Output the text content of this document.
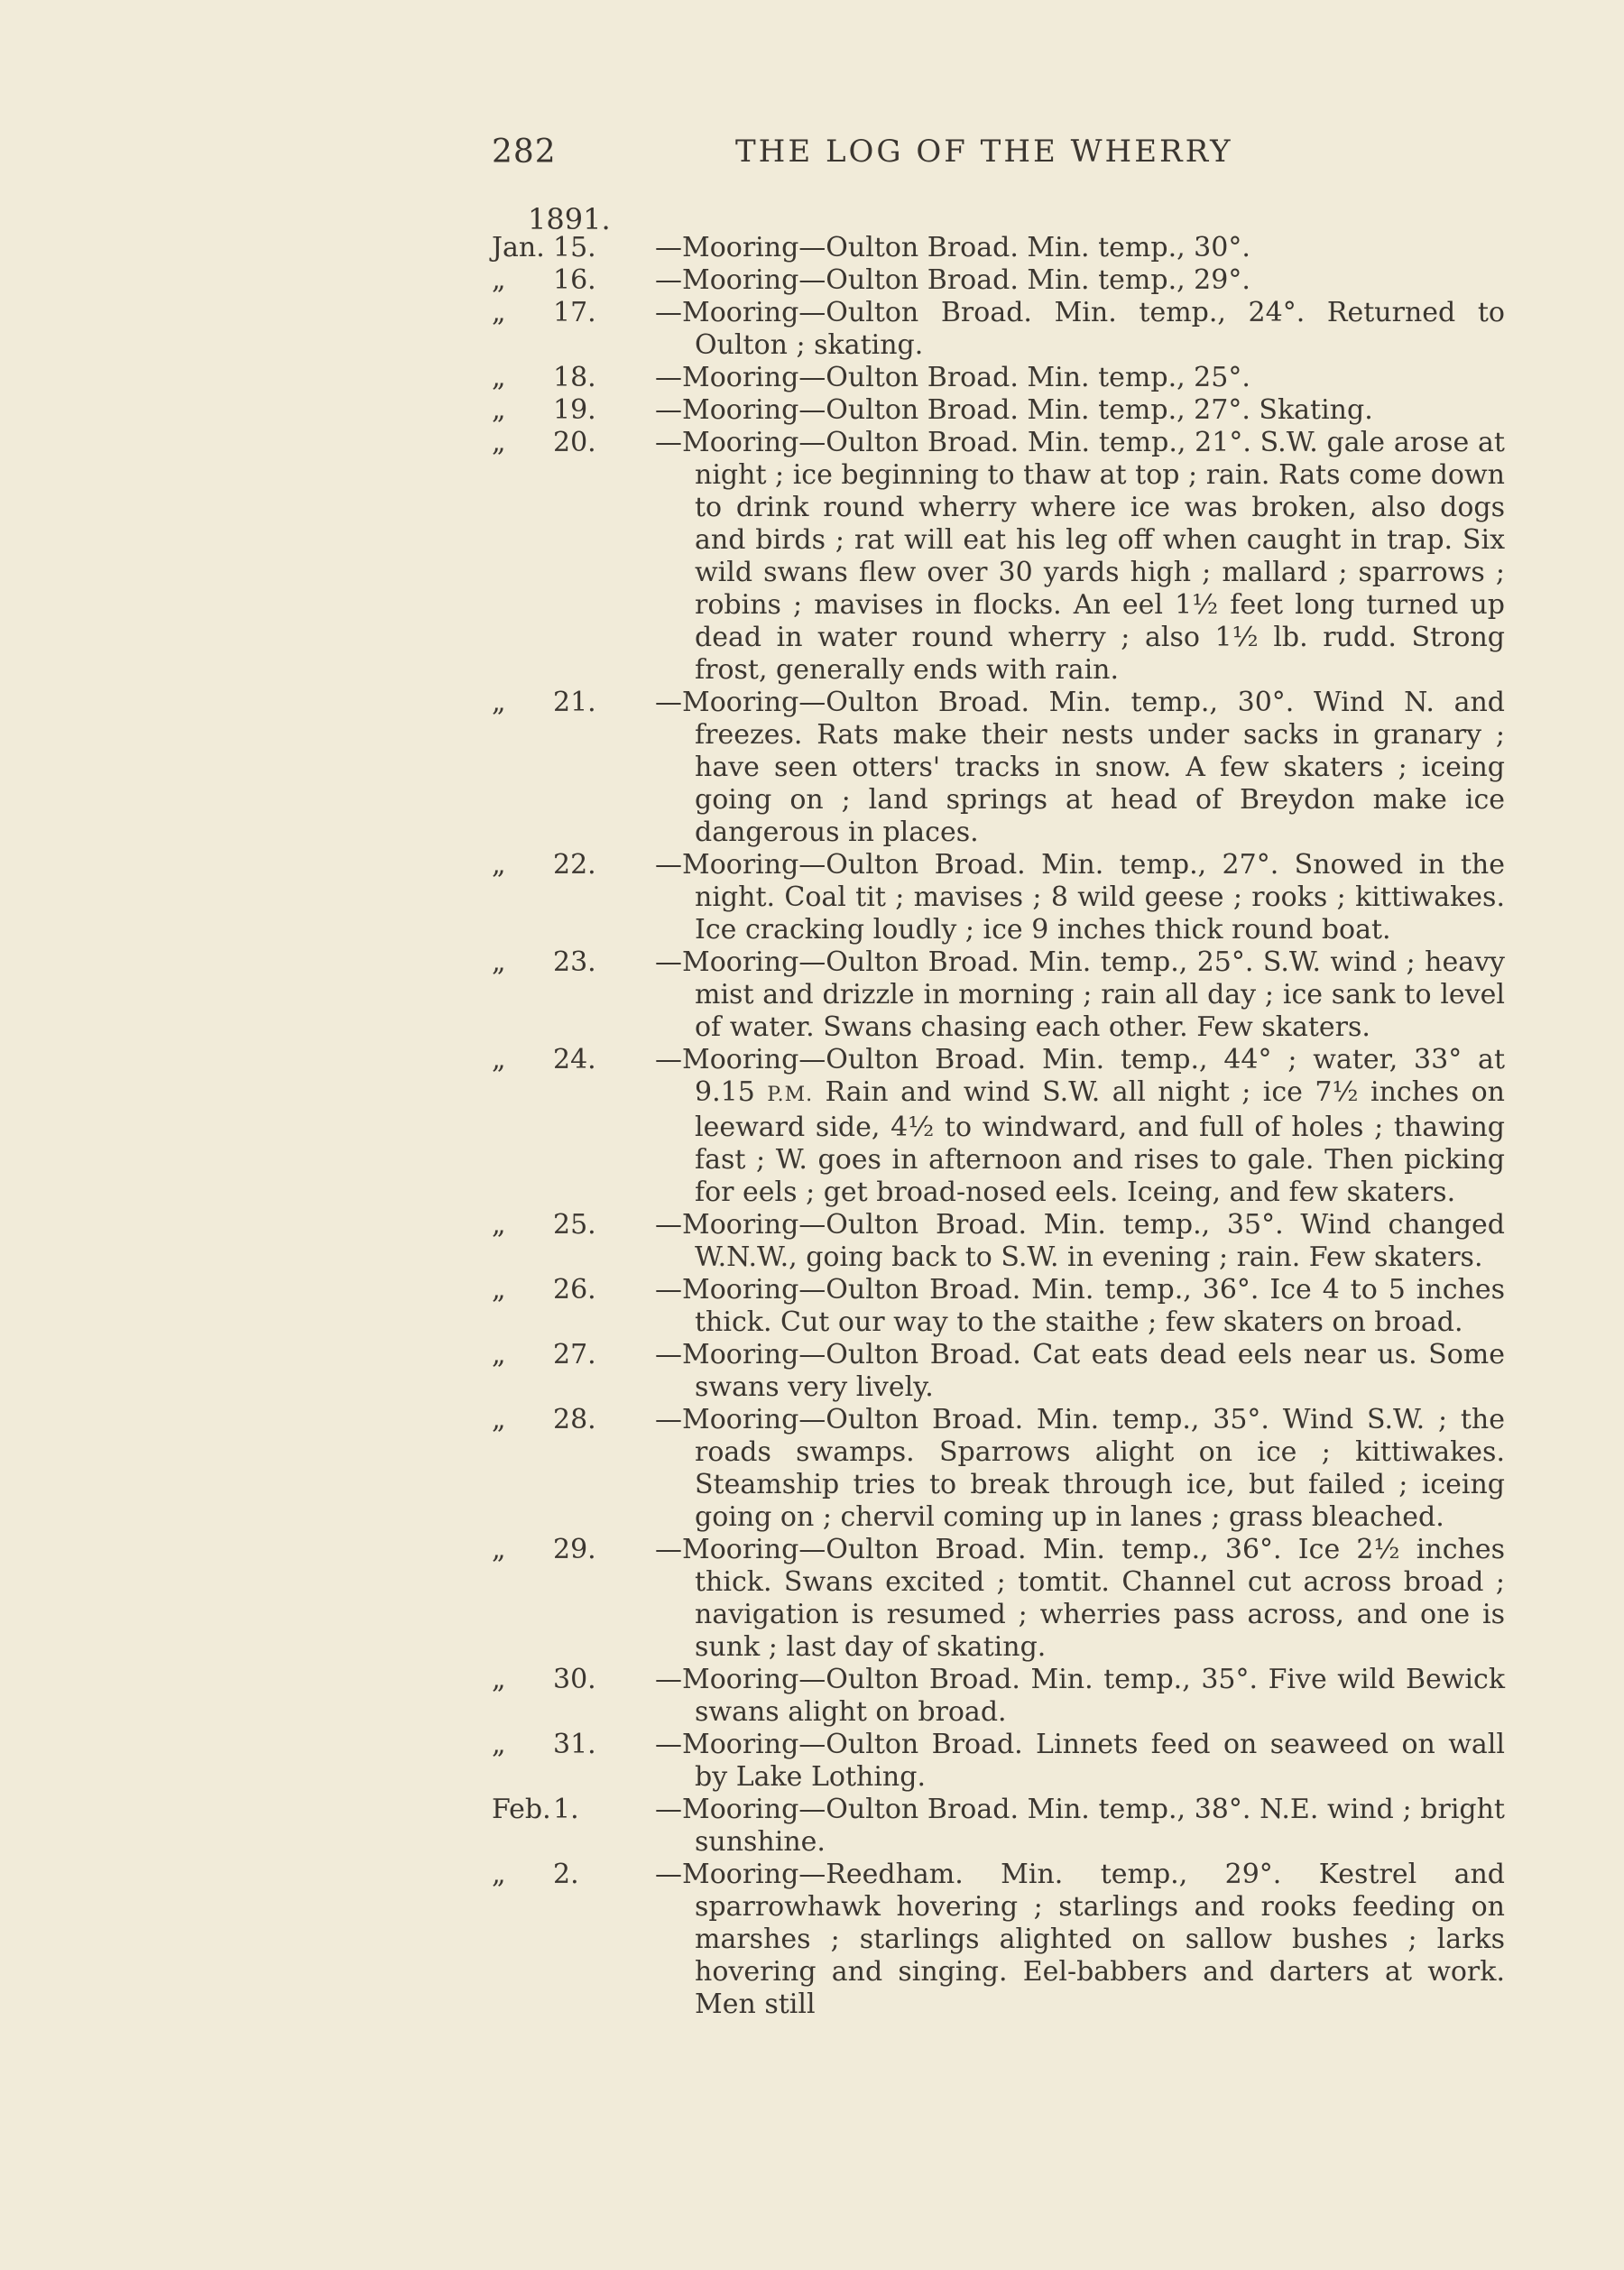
282	THE LOG OF THE WHERRY
1891.
Jan. 15. —Mooring—Oulton Broad. Min. temp., 30°.
„	16. —Mooring—Oulton Broad. Min. temp., 29°.
„	17. —Mooring—Oulton Broad. Min. temp., 24°. Returned to Oulton ; skating.
„	18. —Mooring—Oulton Broad. Min. temp., 25°.
„	19. —Mooring—Oulton Broad. Min. temp., 27°. Skating.
„	20. —Mooring—Oulton Broad. Min. temp., 21°. S.W. gale arose at night ; ice beginning to thaw at top ; rain. Rats come down to drink round wherry where ice was broken, also dogs and birds ; rat will eat his leg off when caught in trap. Six wild swans flew over 30 yards high ; mallard ; sparrows ; robins ; mavises in flocks. An eel 1½ feet long turned up dead in water round wherry ; also 1½ lb. rudd. Strong frost, generally ends with rain.
„	21. —Mooring—Oulton Broad. Min. temp., 30°. Wind N. and freezes. Rats make their nests under sacks in granary ; have seen otters' tracks in snow. A few skaters ; iceing going on ; land springs at head of Breydon make ice dangerous in places.
„	22. —Mooring—Oulton Broad. Min. temp., 27°. Snowed in the night. Coal tit ; mavises ; 8 wild geese ; rooks ; kittiwakes. Ice cracking loudly ; ice 9 inches thick round boat.
„	23. —Mooring—Oulton Broad. Min. temp., 25°. S.W. wind ; heavy mist and drizzle in morning ; rain all day ; ice sank to level of water. Swans chasing each other. Few skaters.
„	24. —Mooring—Oulton Broad. Min. temp., 44° ; water, 33° at 9.15 P.M. Rain and wind S.W. all night ; ice 7½ inches on leeward side, 4½ to windward, and full of holes ; thawing fast ; W. goes in afternoon and rises to gale. Then picking for eels ; get broad-nosed eels. Iceing, and few skaters.
„	25. —Mooring—Oulton Broad. Min. temp., 35°. Wind changed W.N.W., going back to S.W. in evening ; rain. Few skaters.
„	26. —Mooring—Oulton Broad. Min. temp., 36°. Ice 4 to 5 inches thick. Cut our way to the staithe ; few skaters on broad.
„	27. —Mooring—Oulton Broad. Cat eats dead eels near us. Some swans very lively.
„	28. —Mooring—Oulton Broad. Min. temp., 35°. Wind S.W. ; the roads swamps. Sparrows alight on ice ; kittiwakes. Steamship tries to break through ice, but failed ; iceing going on ; chervil coming up in lanes ; grass bleached.
„	29. —Mooring—Oulton Broad. Min. temp., 36°. Ice 2½ inches thick. Swans excited ; tomtit. Channel cut across broad ; navigation is resumed ; wherries pass across, and one is sunk ; last day of skating.
„	30. —Mooring—Oulton Broad. Min. temp., 35°. Five wild Bewick swans alight on broad.
„	31. —Mooring—Oulton Broad. Linnets feed on seaweed on wall by Lake Lothing.
Feb. 1.	—Mooring—Oulton Broad. Min. temp., 38°. N.E. wind ; bright sunshine.
„	2.	—Mooring—Reedham. Min. temp., 29°. Kestrel and sparrowhawk hovering ; starlings and rooks feeding on marshes ; starlings alighted on sallow bushes ; larks hovering and singing. Eel-babbers and darters at work. Men still
